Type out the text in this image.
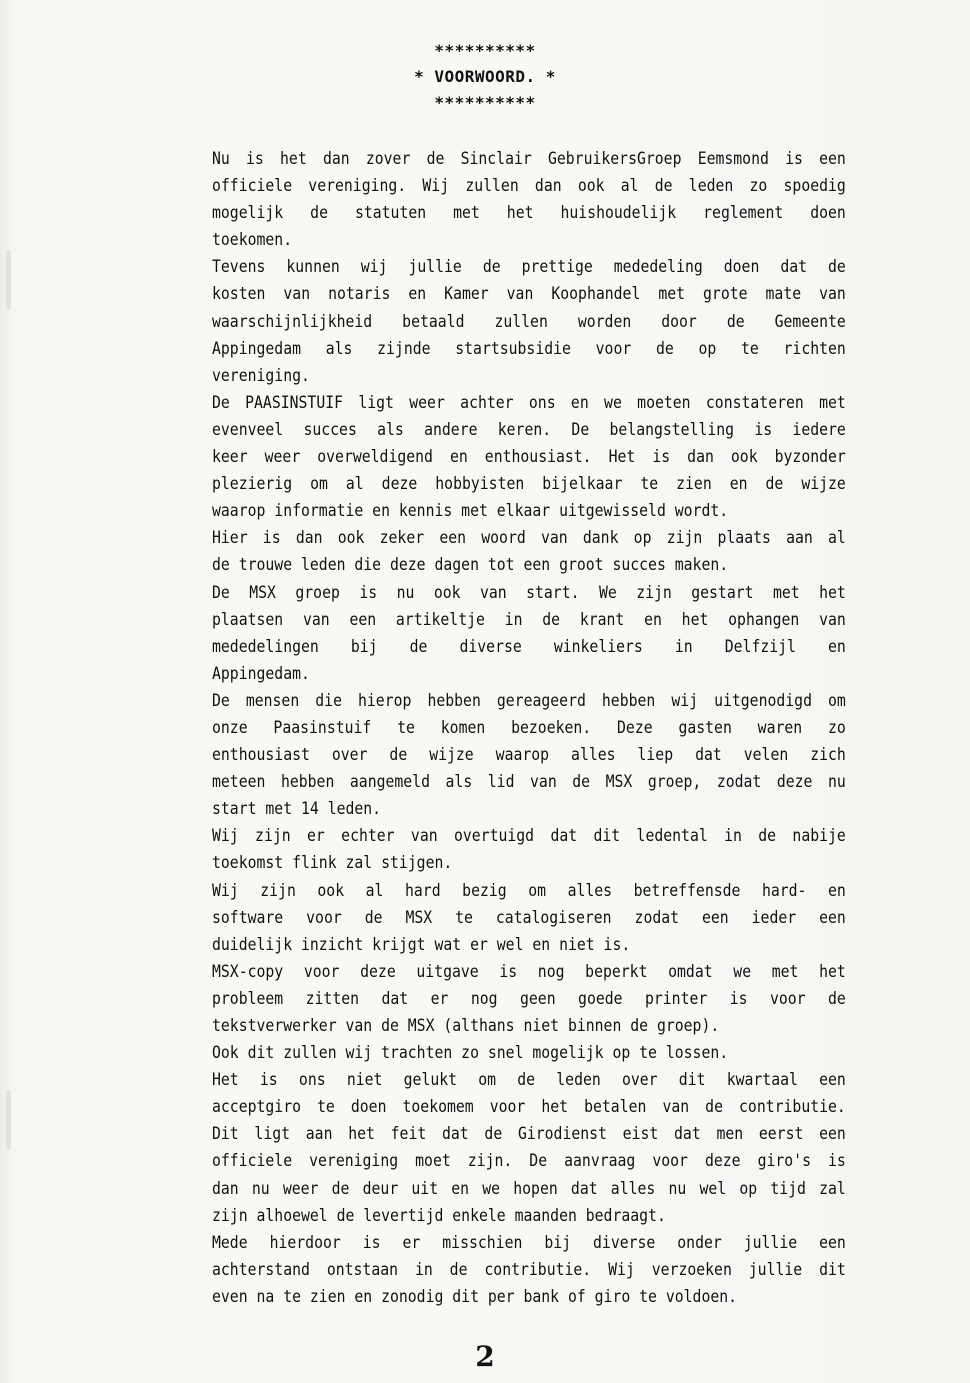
**********
* VOORWOORD. *
**********
Nu is het dan zover de Sinclair GebruikersGroep Eemsmond is een
officiele vereniging. Wij zullen dan ook al de leden zo spoedig
mogelijk de statuten met het huishoudelijk reglement doen
toekomen.
Tevens kunnen wij jullie de prettige mededeling doen dat de
kosten van notaris en Kamer van Koophandel met grote mate van
waarschijnlijkheid betaald zullen worden door de Gemeente
Appingedam als zijnde startsubsidie voor de op te richten
vereniging.
De PAASINSTUIF ligt weer achter ons en we moeten constateren met
evenveel succes als andere keren. De belangstelling is iedere
keer weer overweldigend en enthousiast. Het is dan ook byzonder
plezierig om al deze hobbyisten bijelkaar te zien en de wijze
waarop informatie en kennis met elkaar uitgewisseld wordt.
Hier is dan ook zeker een woord van dank op zijn plaats aan al
de trouwe leden die deze dagen tot een groot succes maken.
De MSX groep is nu ook van start. We zijn gestart met het
plaatsen van een artikeltje in de krant en het ophangen van
mededelingen bij de diverse winkeliers in Delfzijl en
Appingedam.
De mensen die hierop hebben gereageerd hebben wij uitgenodigd om
onze Paasinstuif te komen bezoeken. Deze gasten waren zo
enthousiast over de wijze waarop alles liep dat velen zich
meteen hebben aangemeld als lid van de MSX groep, zodat deze nu
start met 14 leden.
Wij zijn er echter van overtuigd dat dit ledental in de nabije
toekomst flink zal stijgen.
Wij zijn ook al hard bezig om alles betreffensde hard- en
software voor de MSX te catalogiseren zodat een ieder een
duidelijk inzicht krijgt wat er wel en niet is.
MSX-copy voor deze uitgave is nog beperkt omdat we met het
probleem zitten dat er nog geen goede printer is voor de
tekstverwerker van de MSX (althans niet binnen de groep).
Ook dit zullen wij trachten zo snel mogelijk op te lossen.
Het is ons niet gelukt om de leden over dit kwartaal een
acceptgiro te doen toekomem voor het betalen van de contributie.
Dit ligt aan het feit dat de Girodienst eist dat men eerst een
officiele vereniging moet zijn. De aanvraag voor deze giro's is
dan nu weer de deur uit en we hopen dat alles nu wel op tijd zal
zijn alhoewel de levertijd enkele maanden bedraagt.
Mede hierdoor is er misschien bij diverse onder jullie een
achterstand ontstaan in de contributie. Wij verzoeken jullie dit
even na te zien en zonodig dit per bank of giro te voldoen.
2
